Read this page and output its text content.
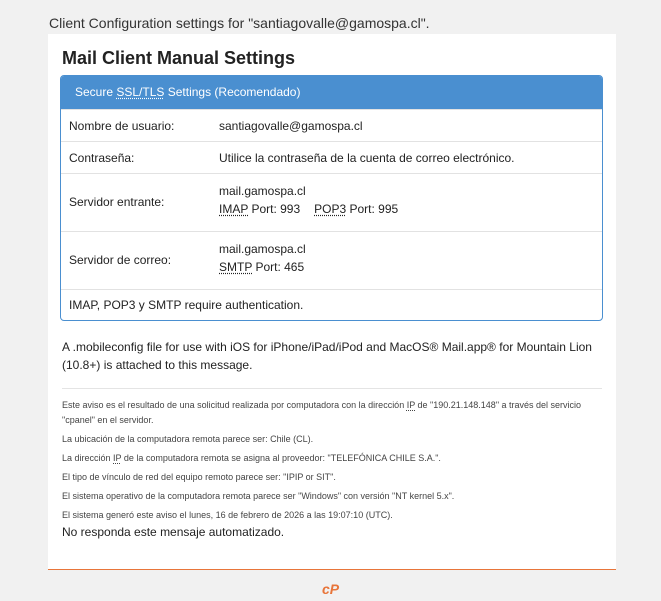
Client Configuration settings for "santiagovalle@gamospa.cl".
Mail Client Manual Settings
Secure SSL/TLS Settings (Recomendado)
Nombre de usuario:	santiagovalle@gamospa.cl
Contraseña:	Utilice la contraseña de la cuenta de correo electrónico.
Servidor entrante:
mail.gamospa.cl
IMAP Port: 993 POP3 Port: 995
Servidor de correo:
mail.gamospa.cl
SMTP Port: 465
IMAP, POP3 y SMTP require authentication.
A .mobileconfig file for use with iOS for iPhone/iPad/iPod and MacOS® Mail.app® for Mountain Lion (10.8+) is attached to this message.

Este aviso es el resultado de una solicitud realizada por computadora con la dirección IP de "190.21.148.148" a través del servicio "cpanel" en el servidor.

La ubicación de la computadora remota parece ser: Chile (CL).

La dirección IP de la computadora remota se asigna al proveedor: "TELEFÓNICA CHILE S.A.".

El tipo de vínculo de red del equipo remoto parece ser: "IPIP or SIT".

El sistema operativo de la computadora remota parece ser "Windows" con versión "NT kernel 5.x".

El sistema generó este aviso el lunes, 16 de febrero de 2026 a las 19:07:10 (UTC).

No responda este mensaje automatizado.
cP
